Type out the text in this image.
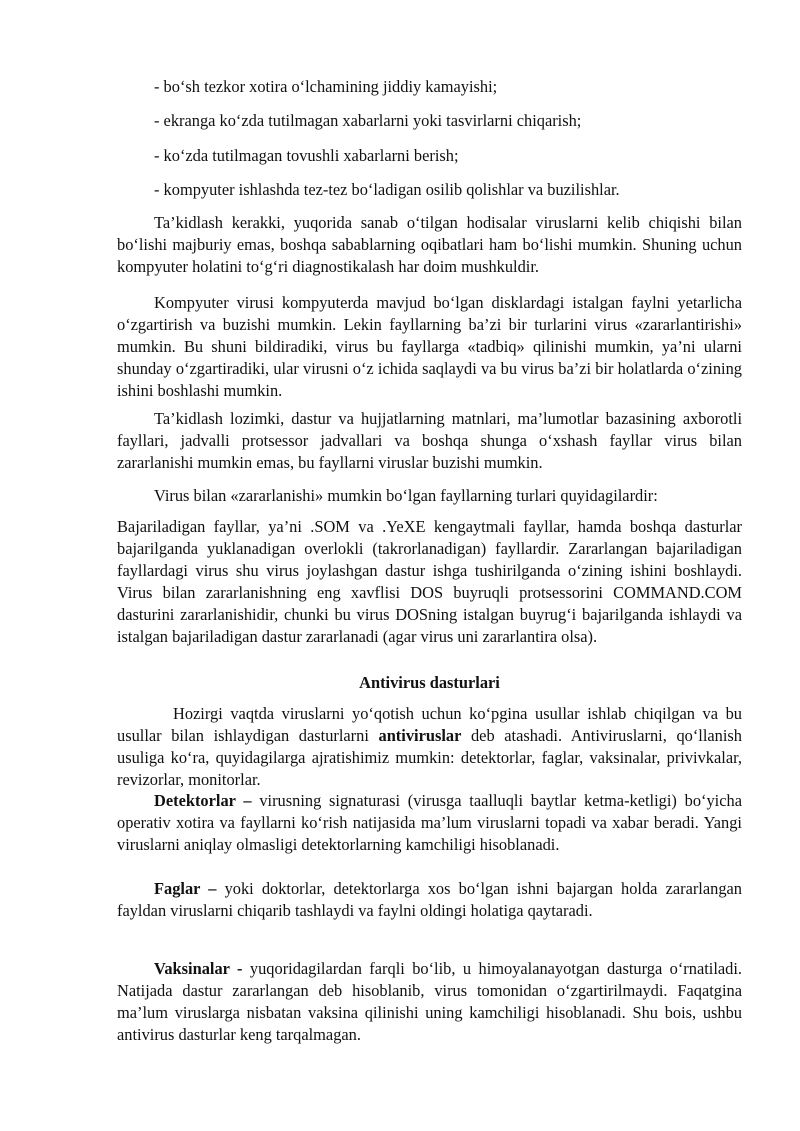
- bo‘sh tezkor xotira o‘lchamining jiddiy kamayishi;

- ekranga ko‘zda tutilmagan xabarlarni yoki tasvirlarni chiqarish;

- ko‘zda tutilmagan tovushli xabarlarni berish;

- kompyuter ishlashda tez-tez bo‘ladigan osilib qolishlar va buzilishlar.

Ta’kidlash kerakki, yuqorida sanab o‘tilgan hodisalar viruslarni kelib chiqishi bilan bo‘lishi majburiy emas, boshqa sabablarning oqibatlari ham bo‘lishi mumkin. Shuning uchun kompyuter holatini to‘g‘ri diagnostikalash har doim mushkuldir.

Kompyuter virusi kompyuterda mavjud bo‘lgan disklardagi istalgan faylni yetarlicha o‘zgartirish va buzishi mumkin. Lekin fayllarning ba’zi bir turlarini virus «zararlantirishi» mumkin. Bu shuni bildiradiki, virus bu fayllarga «tadbiq» qilinishi mumkin, ya’ni ularni shunday o‘zgartiradiki, ular virusni o‘z ichida saqlaydi va bu virus ba’zi bir holatlarda o‘zining ishini boshlashi mumkin.

Ta’kidlash lozimki, dastur va hujjatlarning matnlari, ma’lumotlar bazasining axborotli fayllari, jadvalli protsessor jadvallari va boshqa shunga o‘xshash fayllar virus bilan zararlanishi mumkin emas, bu fayllarni viruslar buzishi mumkin.

Virus bilan «zararlanishi» mumkin bo‘lgan fayllarning turlari quyidagilardir:

Bajariladigan fayllar, ya’ni .SOM va .YeXE kengaytmali fayllar, hamda boshqa dasturlar bajarilganda yuklanadigan overlokli (takrorlanadigan) fayllardir. Zararlangan bajariladigan fayllardagi virus shu virus joylashgan dastur ishga tushirilganda o‘zining ishini boshlaydi. Virus bilan zararlanishning eng xavflisi DOS buyruqli protsessorini COMMAND.COM dasturini zararlanishidir, chunki bu virus DOSning istalgan buyrug‘i bajarilganda ishlaydi va istalgan bajariladigan dastur zararlanadi (agar virus uni zararlantira olsa).

Antivirus dasturlari

Hozirgi vaqtda viruslarni yo‘qotish uchun ko‘pgina usullar ishlab chiqilgan va bu usullar bilan ishlaydigan dasturlarni antiviruslar deb atashadi. Antiviruslarni, qo‘llanish usuliga ko‘ra, quyidagilarga ajratishimiz mumkin: detektorlar, faglar, vaksinalar, privivkalar, revizorlar, monitorlar.

Detektorlar – virusning signaturasi (virusga taalluqli baytlar ketma-ketligi) bo‘yicha operativ xotira va fayllarni ko‘rish natijasida ma’lum viruslarni topadi va xabar beradi. Yangi viruslarni aniqlay olmasligi detektorlarning kamchiligi hisoblanadi.

Faglar – yoki doktorlar, detektorlarga xos bo‘lgan ishni bajargan holda zararlangan fayldan viruslarni chiqarib tashlaydi va faylni oldingi holatiga qaytaradi.

Vaksinalar - yuqoridagilardan farqli bo‘lib, u himoyalanayotgan dasturga o‘rnatiladi. Natijada dastur zararlangan deb hisoblanib, virus tomonidan o‘zgartirilmaydi. Faqatgina ma’lum viruslarga nisbatan vaksina qilinishi uning kamchiligi hisoblanadi. Shu bois, ushbu antivirus dasturlar keng tarqalmagan.
